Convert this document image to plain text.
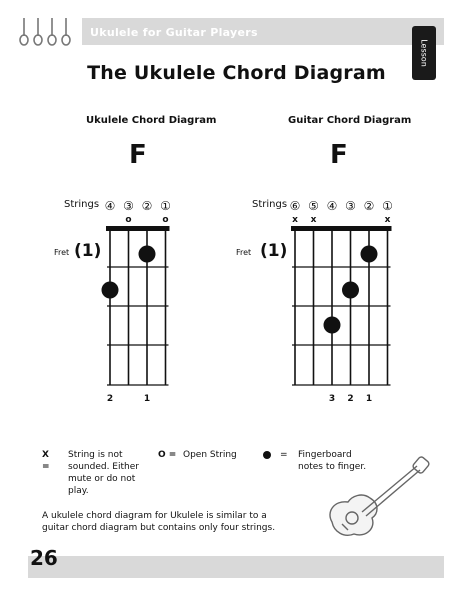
Ukulele for Guitar Players
Lesson
The Ukulele Chord Diagram
Ukulele Chord Diagram	Guitar Chord Diagram
F	F
Strings	Strings
Fret (1)	Fret (1)
④ ③ ② ①
o	o
2	1
⑥ ⑤ ④ ③ ② ①
x x	x
3 2 1
X =
String is not sounded. Either mute or do not play.
O = Open String	= Fingerboard notes to finger.
A ukulele chord diagram for Ukulele is similar to a guitar chord diagram but contains only four strings.
26
